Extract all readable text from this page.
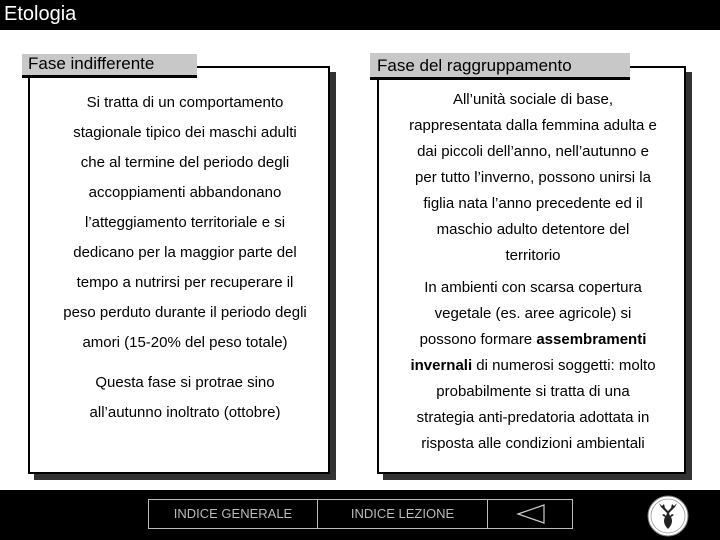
Etologia
Fase indifferente
Si tratta di un comportamento
stagionale tipico dei maschi adulti
che al termine del periodo degli
accoppiamenti abbandonano
l’atteggiamento territoriale e si
dedicano per la maggior parte del
tempo a nutrirsi per recuperare il
peso perduto durante il periodo degli
amori (15-20% del peso totale)
Questa fase si protrae sino
all’autunno inoltrato (ottobre)
Fase del raggruppamento
All’unità sociale di base,
rappresentata dalla femmina adulta e
dai piccoli dell’anno, nell’autunno e
per tutto l’inverno, possono unirsi la
figlia nata l’anno precedente ed il
maschio adulto detentore del
territorio
In ambienti con scarsa copertura
vegetale (es. aree agricole) si
possono formare assembramenti
invernali di numerosi soggetti: molto
probabilmente si tratta di una
strategia anti-predatoria adottata in
risposta alle condizioni ambientali
INDICE GENERALE	INDICE LEZIONE
